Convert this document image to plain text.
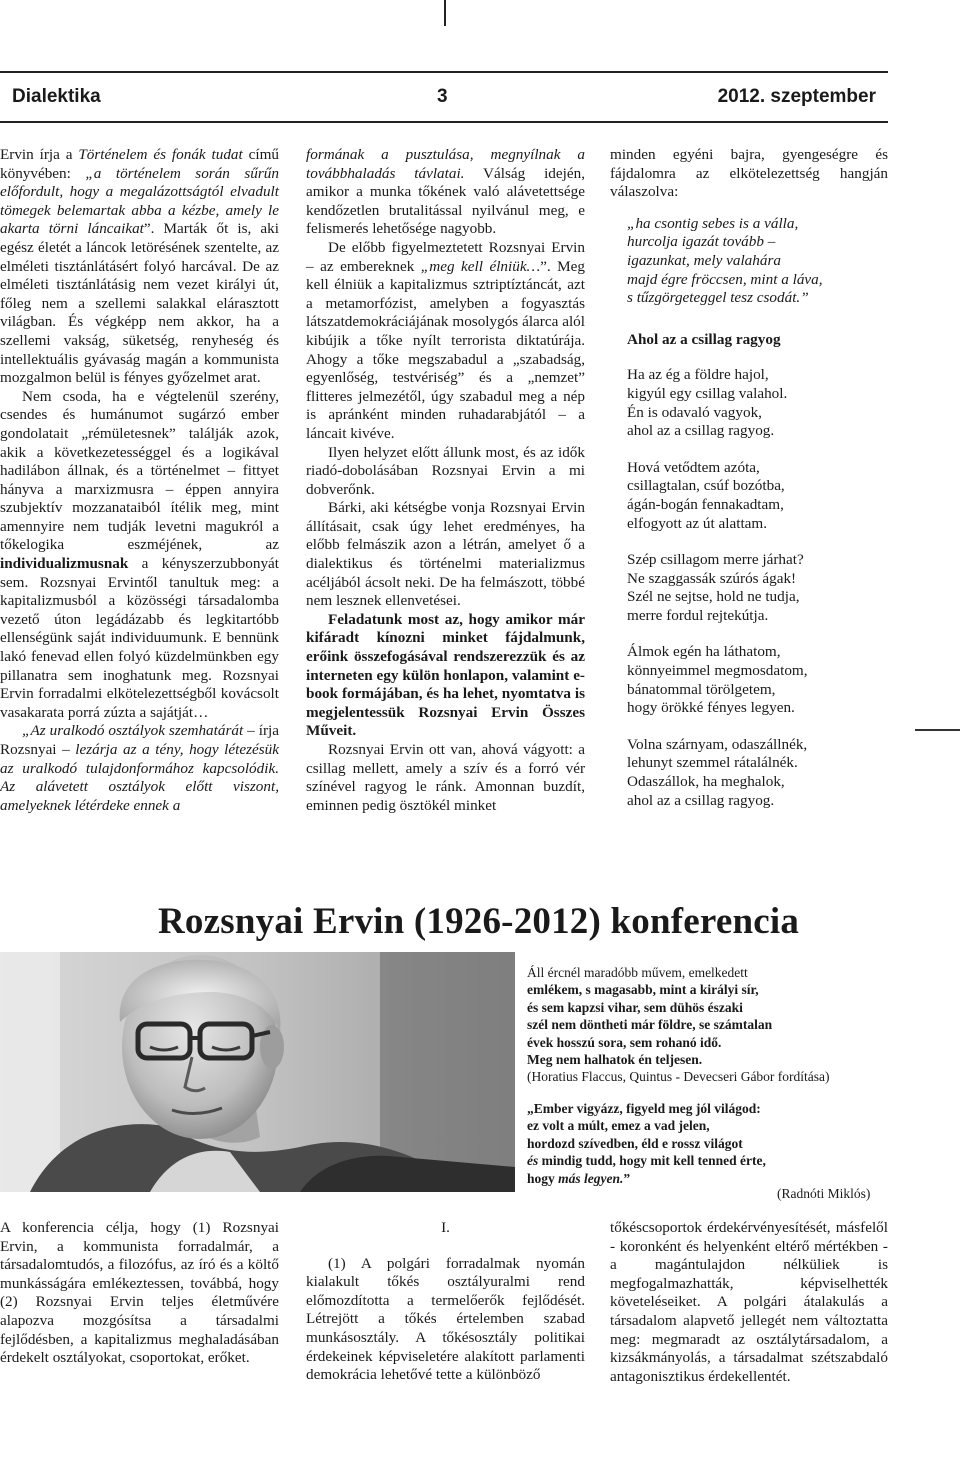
Dialektika	3	2012. szeptember

Ervin írja a Történelem és fonák tudat című könyvében: „a történelem során sűrűn előfordult, hogy a megalázottságtól elvadult tömegek belemartak abba a kézbe, amely le akarta törni láncaikat”. Marták őt is, aki egész életét a láncok letörésének szentelte, az elméleti tisztánlátásért folyó harcával. De az elméleti tisztánlátásig nem vezet királyi út, főleg nem a szellemi salakkal elárasztott világban. És végképp nem akkor, ha a szellemi vakság, süketség, renyheség és intellektuális gyávaság magán a kommunista mozgalmon belül is fényes győzelmet arat.

Nem csoda, ha e végtelenül szerény, csendes és humánumot sugárzó ember gondolatait „rémületesnek” találják azok, akik a következetességgel és a logikával hadilábon állnak, és a történelmet – fittyet hányva a marxizmusra – éppen annyira szubjektív mozzanataiból ítélik meg, mint amennyire nem tudják levetni magukról a tőkelogika eszméjének, az individualizmusnak a kényszerzubbonyát sem. Rozsnyai Ervintől tanultuk meg: a kapitalizmusból a közösségi társadalomba vezető úton legádázabb és legkitartóbb ellenségünk saját individuumunk. E bennünk lakó fenevad ellen folyó küzdelmünkben egy pillanatra sem inoghatunk meg. Rozsnyai Ervin forradalmi elkötelezettségből kovácsolt vasakarata porrá zúzta a sajátját…

„Az uralkodó osztályok szemhatárát – írja Rozsnyai – lezárja az a tény, hogy létezésük az uralkodó tulajdonformához kapcsolódik. Az alávetett osztályok előtt viszont, amelyeknek létérdeke ennek a

formának a pusztulása, megnyílnak a továbbhaladás távlatai. Válság idején, amikor a munka tőkének való alávetettsége kendőzetlen brutalitással nyilvánul meg, e felismerés lehetősége nagyobb.

De előbb figyelmeztetett Rozsnyai Ervin – az embereknek „meg kell élniük…”. Meg kell élniük a kapitalizmus sztriptíztáncát, azt a metamorfózist, amelyben a fogyasztás látszatdemokráciájának mosolygós álarca alól kibújik a tőke nyílt terrorista diktatúrája. Ahogy a tőke megszabadul a „szabadság, egyenlőség, testvériség” és a „nemzet” flitteres jelmezétől, úgy szabadul meg a nép is apránként minden ruhadarabjától – a láncait kivéve.

Ilyen helyzet előtt állunk most, és az idők riadó-dobolásában Rozsnyai Ervin a mi dobverőnk.

Bárki, aki kétségbe vonja Rozsnyai Ervin állításait, csak úgy lehet eredményes, ha előbb felmászik azon a létrán, amelyet ő a dialektikus és történelmi materializmus acéljából ácsolt neki. De ha felmászott, többé nem lesznek ellenvetései.

Feladatunk most az, hogy amikor már kifáradt kínozni minket fájdalmunk, erőink összefogásával rendszerezzük és az interneten egy külön honlapon, valamint e-book formájában, és ha lehet, nyomtatva is megjelentessük Rozsnyai Ervin Összes Műveit.

Rozsnyai Ervin ott van, ahová vágyott: a csillag mellett, amely a szív és a forró vér színével ragyog le ránk. Amonnan buzdít, eminnen pedig ösztökél minket

minden egyéni bajra, gyengeségre és fájdalomra az elkötelezettség hangján válaszolva:

„ha csontig sebes is a válla,
hurcolja igazát tovább –
igazunkat, mely valahára
majd égre fröccsen, mint a láva,
s tűzgörgeteggel tesz csodát.”
Ahol az a csillag ragyog
Ha az ég a földre hajol,
kigyúl egy csillag valahol.
Én is odavaló vagyok,
ahol az a csillag ragyog.
Hová vetődtem azóta,
csillagtalan, csúf bozótba,
ágán-bogán fennakadtam,
elfogyott az út alattam.
Szép csillagom merre járhat?
Ne szaggassák szúrós ágak!
Szél ne sejtse, hold ne tudja,
merre fordul rejtekútja.
Álmok egén ha láthatom,
könnyeimmel megmosdatom,
bánatommal törölgetem,
hogy örökké fényes legyen.
Volna szárnyam, odaszállnék,
lehunyt szemmel rátalálnék.
Odaszállok, ha meghalok,
ahol az a csillag ragyog.
Rozsnyai Ervin (1926-2012) konferencia
Áll ércnél maradóbb művem, emelkedett
emlékem, s magasabb, mint a királyi sír,
és sem kapzsi vihar, sem dühös északi
szél nem döntheti már földre, se számtalan
évek hosszú sora, sem rohanó idő.
Meg nem halhatok én teljesen.
(Horatius Flaccus, Quintus - Devecseri Gábor fordítása)
„Ember vigyázz, figyeld meg jól világod:
ez volt a múlt, emez a vad jelen,
hordozd szívedben, éld e rossz világot
és mindig tudd, hogy mit kell tenned érte,
hogy más legyen.”
(Radnóti Miklós)
A konferencia célja, hogy (1) Rozsnyai Ervin, a kommunista forradalmár, a társadalomtudós, a filozófus, az író és a költő munkásságára emlékeztessen, továbbá, hogy (2) Rozsnyai Ervin teljes életművére alapozva mozgósítsa a társadalmi fejlődésben, a kapitalizmus meghaladásában érdekelt osztályokat, csoportokat, erőket.
I.

(1) A polgári forradalmak nyomán kialakult tőkés osztályuralmi rend előmozdította a termelőerők fejlődését. Létrejött a tőkés értelemben szabad munkásosztály. A tőkésosztály politikai érdekeinek képviseletére alakított parlamenti demokrácia lehetővé tette a különböző

tőkéscsoportok érdekérvényesítését, másfelől - koronként és helyenként eltérő mértékben - a magántulajdon nélküliek is megfogalmazhatták, képviselhették követeléseiket. A polgári átalakulás a társadalom alapvető jellegét nem változtatta meg: megmaradt az osztálytársadalom, a kizsákmányolás, a társadalmat szétszabdaló antagonisztikus érdekellentét.
